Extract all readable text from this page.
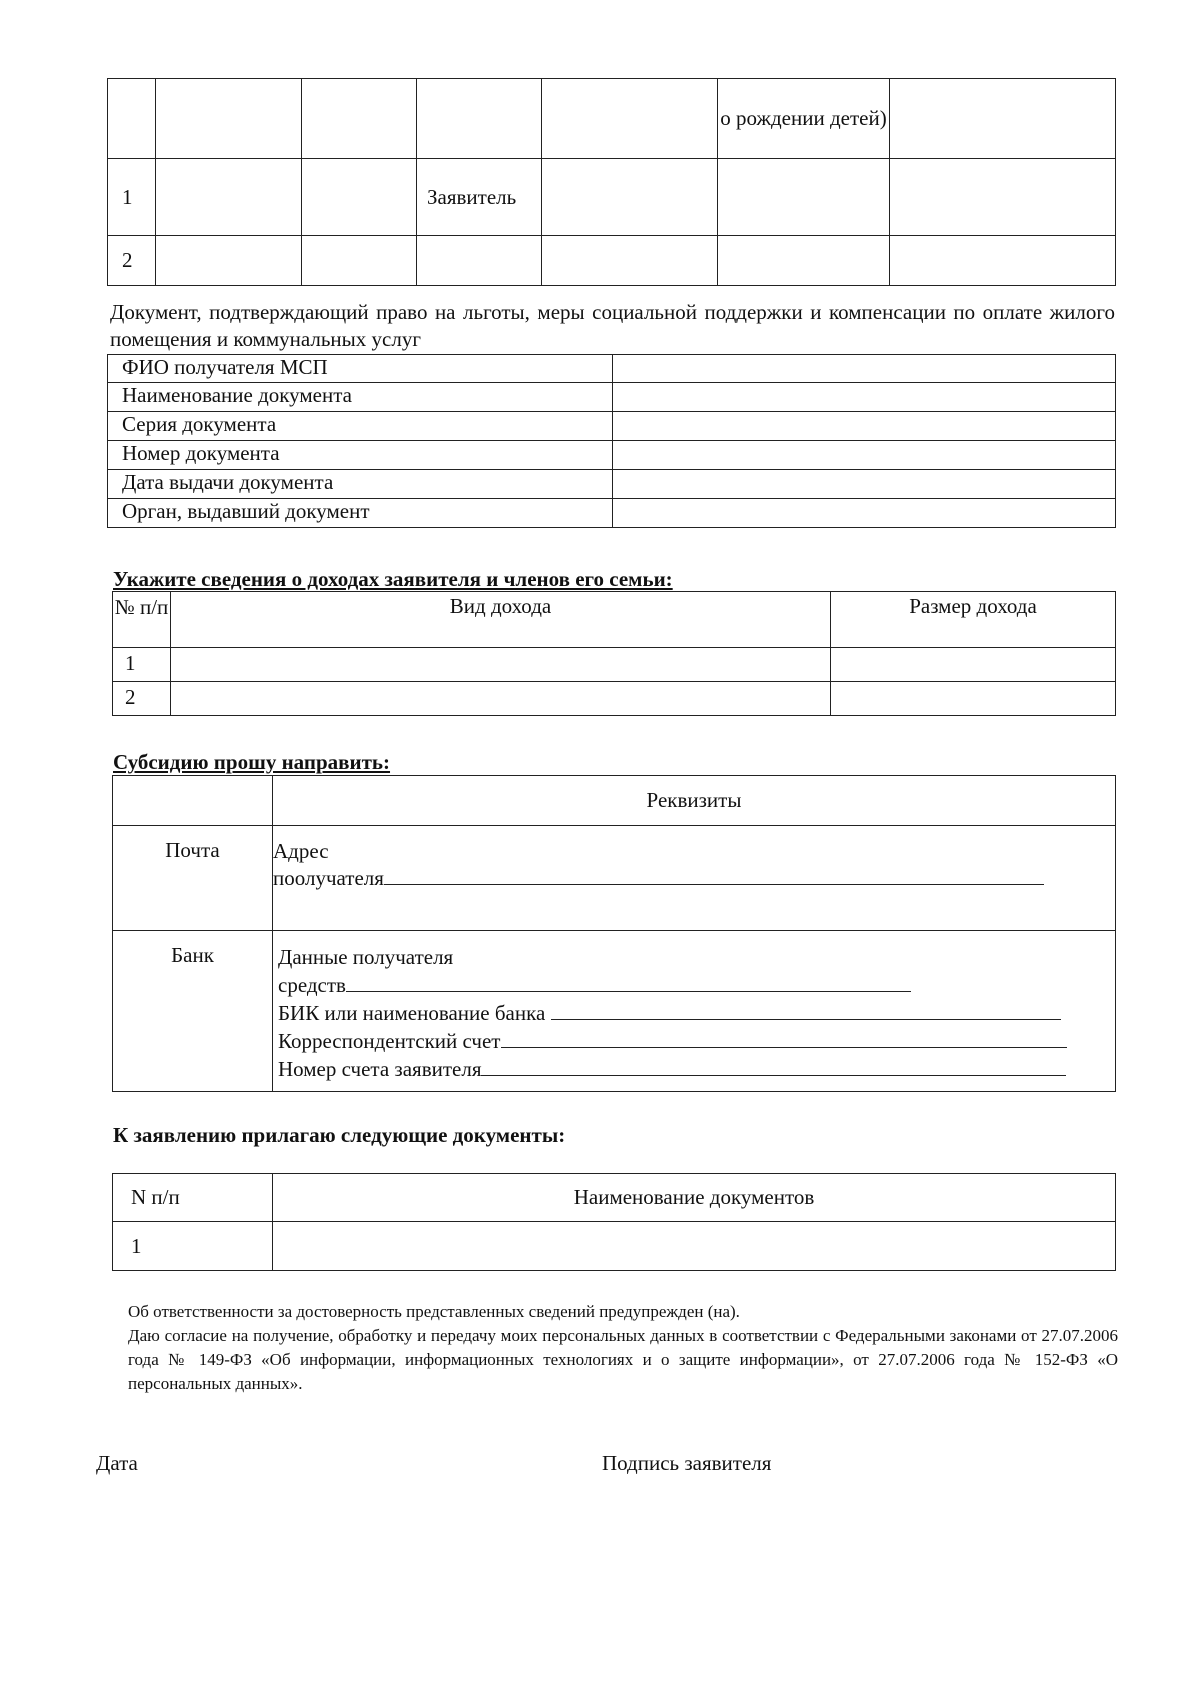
					о рождении детей)	
1			Заявитель			
2						
Документ, подтверждающий право на льготы, меры социальной поддержки и компенсации по оплате жилого помещения и коммунальных услуг
ФИО получателя МСП	
Наименование документа	
Серия документа	
Номер документа	
Дата выдачи документа	
Орган, выдавший документ	
Укажите сведения о доходах заявителя и членов его семьи:
№ п/п	Вид дохода	Размер дохода
1		
2		
Субсидию прошу направить:
	Реквизиты
Почта	Адрес
поолучателя

Банк	Данные получателя
средств
БИК или наименование банка
Корреспондентский счет
Номер счета заявителя
К заявлению прилагаю следующие документы:
N п/п	Наименование документов
1	
Об ответственности за достоверность представленных сведений предупрежден (на).
Даю согласие на получение, обработку и передачу моих персональных данных в соответствии с Федеральными законами от 27.07.2006 года № 149-ФЗ «Об информации, информационных технологиях и о защите информации», от 27.07.2006 года № 152-ФЗ «О персональных данных».
Дата	Подпись заявителя
